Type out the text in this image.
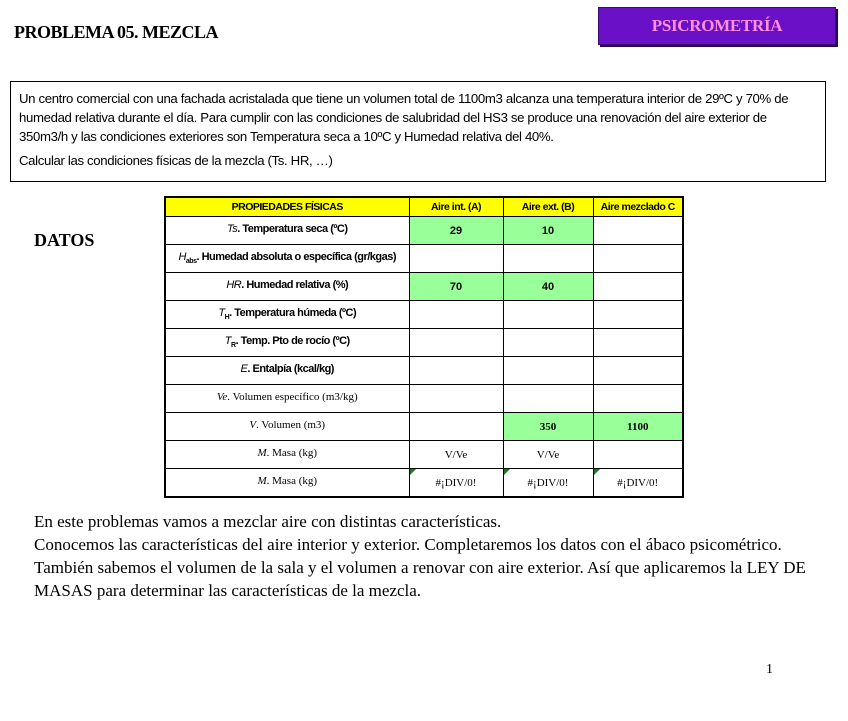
PROBLEMA 05. MEZCLA	PSICROMETRÍA

Un centro comercial con una fachada acristalada que tiene un volumen total de 1100m3 alcanza una temperatura interior de 29ºC y 70% de humedad relativa durante el día. Para cumplir con las condiciones de salubridad del HS3 se produce una renovación del aire exterior de 350m3/h y las condiciones exteriores son Temperatura seca a 10ºC y Humedad relativa del 40%.

Calcular las condiciones físicas de la mezcla (Ts. HR, …)

DATOS
PROPIEDADES FÍSICAS	Aire int. (A)	Aire ext. (B)	Aire mezclado C
Ts. Temperatura seca (ºC)	29	10	
$H_{abs}$. Humedad absoluta o específica (gr/kgas)			
HR. Humedad relativa (%)	70	40	
$T_H$. Temperatura húmeda (ºC)			
$T_R$. Temp. Pto de rocío (ºC)			
E. Entalpía (kcal/kg)			
Ve. Volumen específico (m3/kg)			
V. Volumen (m3)		350	1100
M. Masa (kg)	V/Ve	V/Ve	
M. Masa (kg)	#¡DIV/0!	#¡DIV/0!	#¡DIV/0!

En este problemas vamos a mezclar aire con distintas características.

Conocemos las características del aire interior y exterior. Completaremos los datos con el ábaco psicométrico.

También sabemos el volumen de la sala y el volumen a renovar con aire exterior. Así que aplicaremos la LEY DE MASAS para determinar las características de la mezcla.

1
